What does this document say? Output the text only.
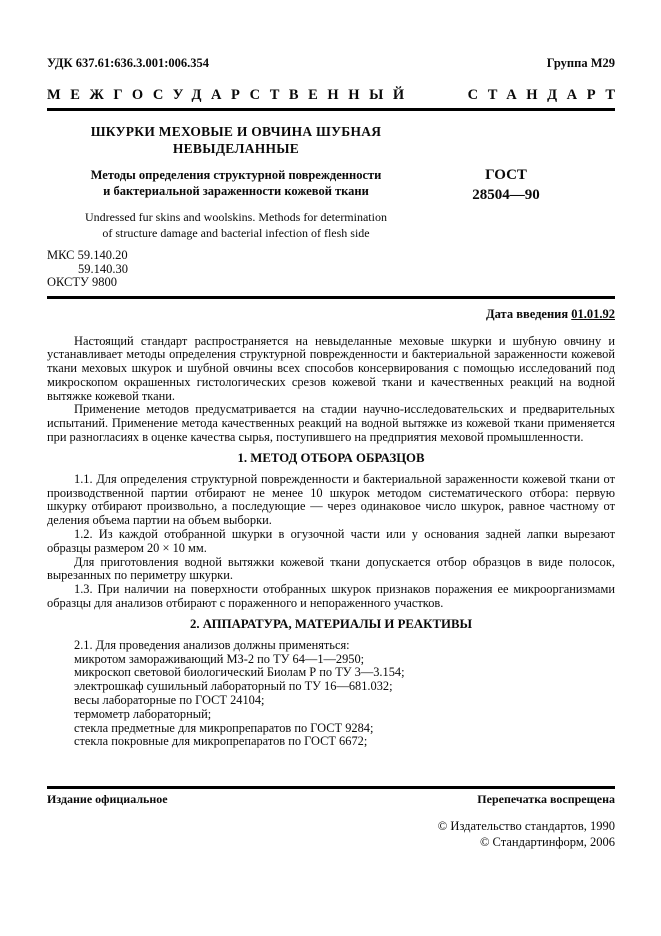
УДК 637.61:636.3.001:006.354	Группа М29
МЕЖГОСУДАРСТВЕННЫЙ	СТАНДАРТ
ШКУРКИ МЕХОВЫЕ И ОВЧИНА ШУБНАЯ
НЕВЫДЕЛАННЫЕ
Методы определения структурной поврежденности
и бактериальной зараженности кожевой ткани
Undressed fur skins and woolskins. Methods for determination
of structure damage and bacterial infection of flesh side
ГОСТ
28504—90
МКС 59.140.20
59.140.30
ОКСТУ 9800
Дата введения 01.01.92

Настоящий стандарт распространяется на невыделанные меховые шкурки и шубную овчину и устанавливает методы определения структурной поврежденности и бактериальной зараженности кожевой ткани меховых шкурок и шубной овчины всех способов консервирования с помощью исследований под микроскопом окрашенных гистологических срезов кожевой ткани и качественных реакций на водной вытяжке кожевой ткани.

Применение методов предусматривается на стадии научно-исследовательских и предварительных испытаний. Применение метода качественных реакций на водной вытяжке из кожевой ткани применяется при разногласиях в оценке качества сырья, поступившего на предприятия меховой промышленности.

1. МЕТОД ОТБОРА ОБРАЗЦОВ

1.1. Для определения структурной поврежденности и бактериальной зараженности кожевой ткани от производственной партии отбирают не менее 10 шкурок методом систематического отбора: первую шкурку отбирают произвольно, а последующие — через одинаковое число шкурок, равное частному от деления объема партии на объем выборки.

1.2. Из каждой отобранной шкурки в огузочной части или у основания задней лапки вырезают образцы размером 20 × 10 мм.

Для приготовления водной вытяжки кожевой ткани допускается отбор образцов в виде полосок, вырезанных по периметру шкурки.

1.3. При наличии на поверхности отобранных шкурок признаков поражения ее микроорганизмами образцы для анализов отбирают с пораженного и непораженного участков.

2. АППАРАТУРА, МАТЕРИАЛЫ И РЕАКТИВЫ
2.1. Для проведения анализов должны применяться:
микротом замораживающий МЗ-2 по ТУ 64—1—2950;
микроскоп световой биологический Биолам Р по ТУ 3—3.154;
электрошкаф сушильный лабораторный по ТУ 16—681.032;
весы лабораторные по ГОСТ 24104;
термометр лабораторный;
стекла предметные для микропрепаратов по ГОСТ 9284;
стекла покровные для микропрепаратов по ГОСТ 6672;
Издание официальное	Перепечатка воспрещена
© Издательство стандартов, 1990
© Стандартинформ, 2006
